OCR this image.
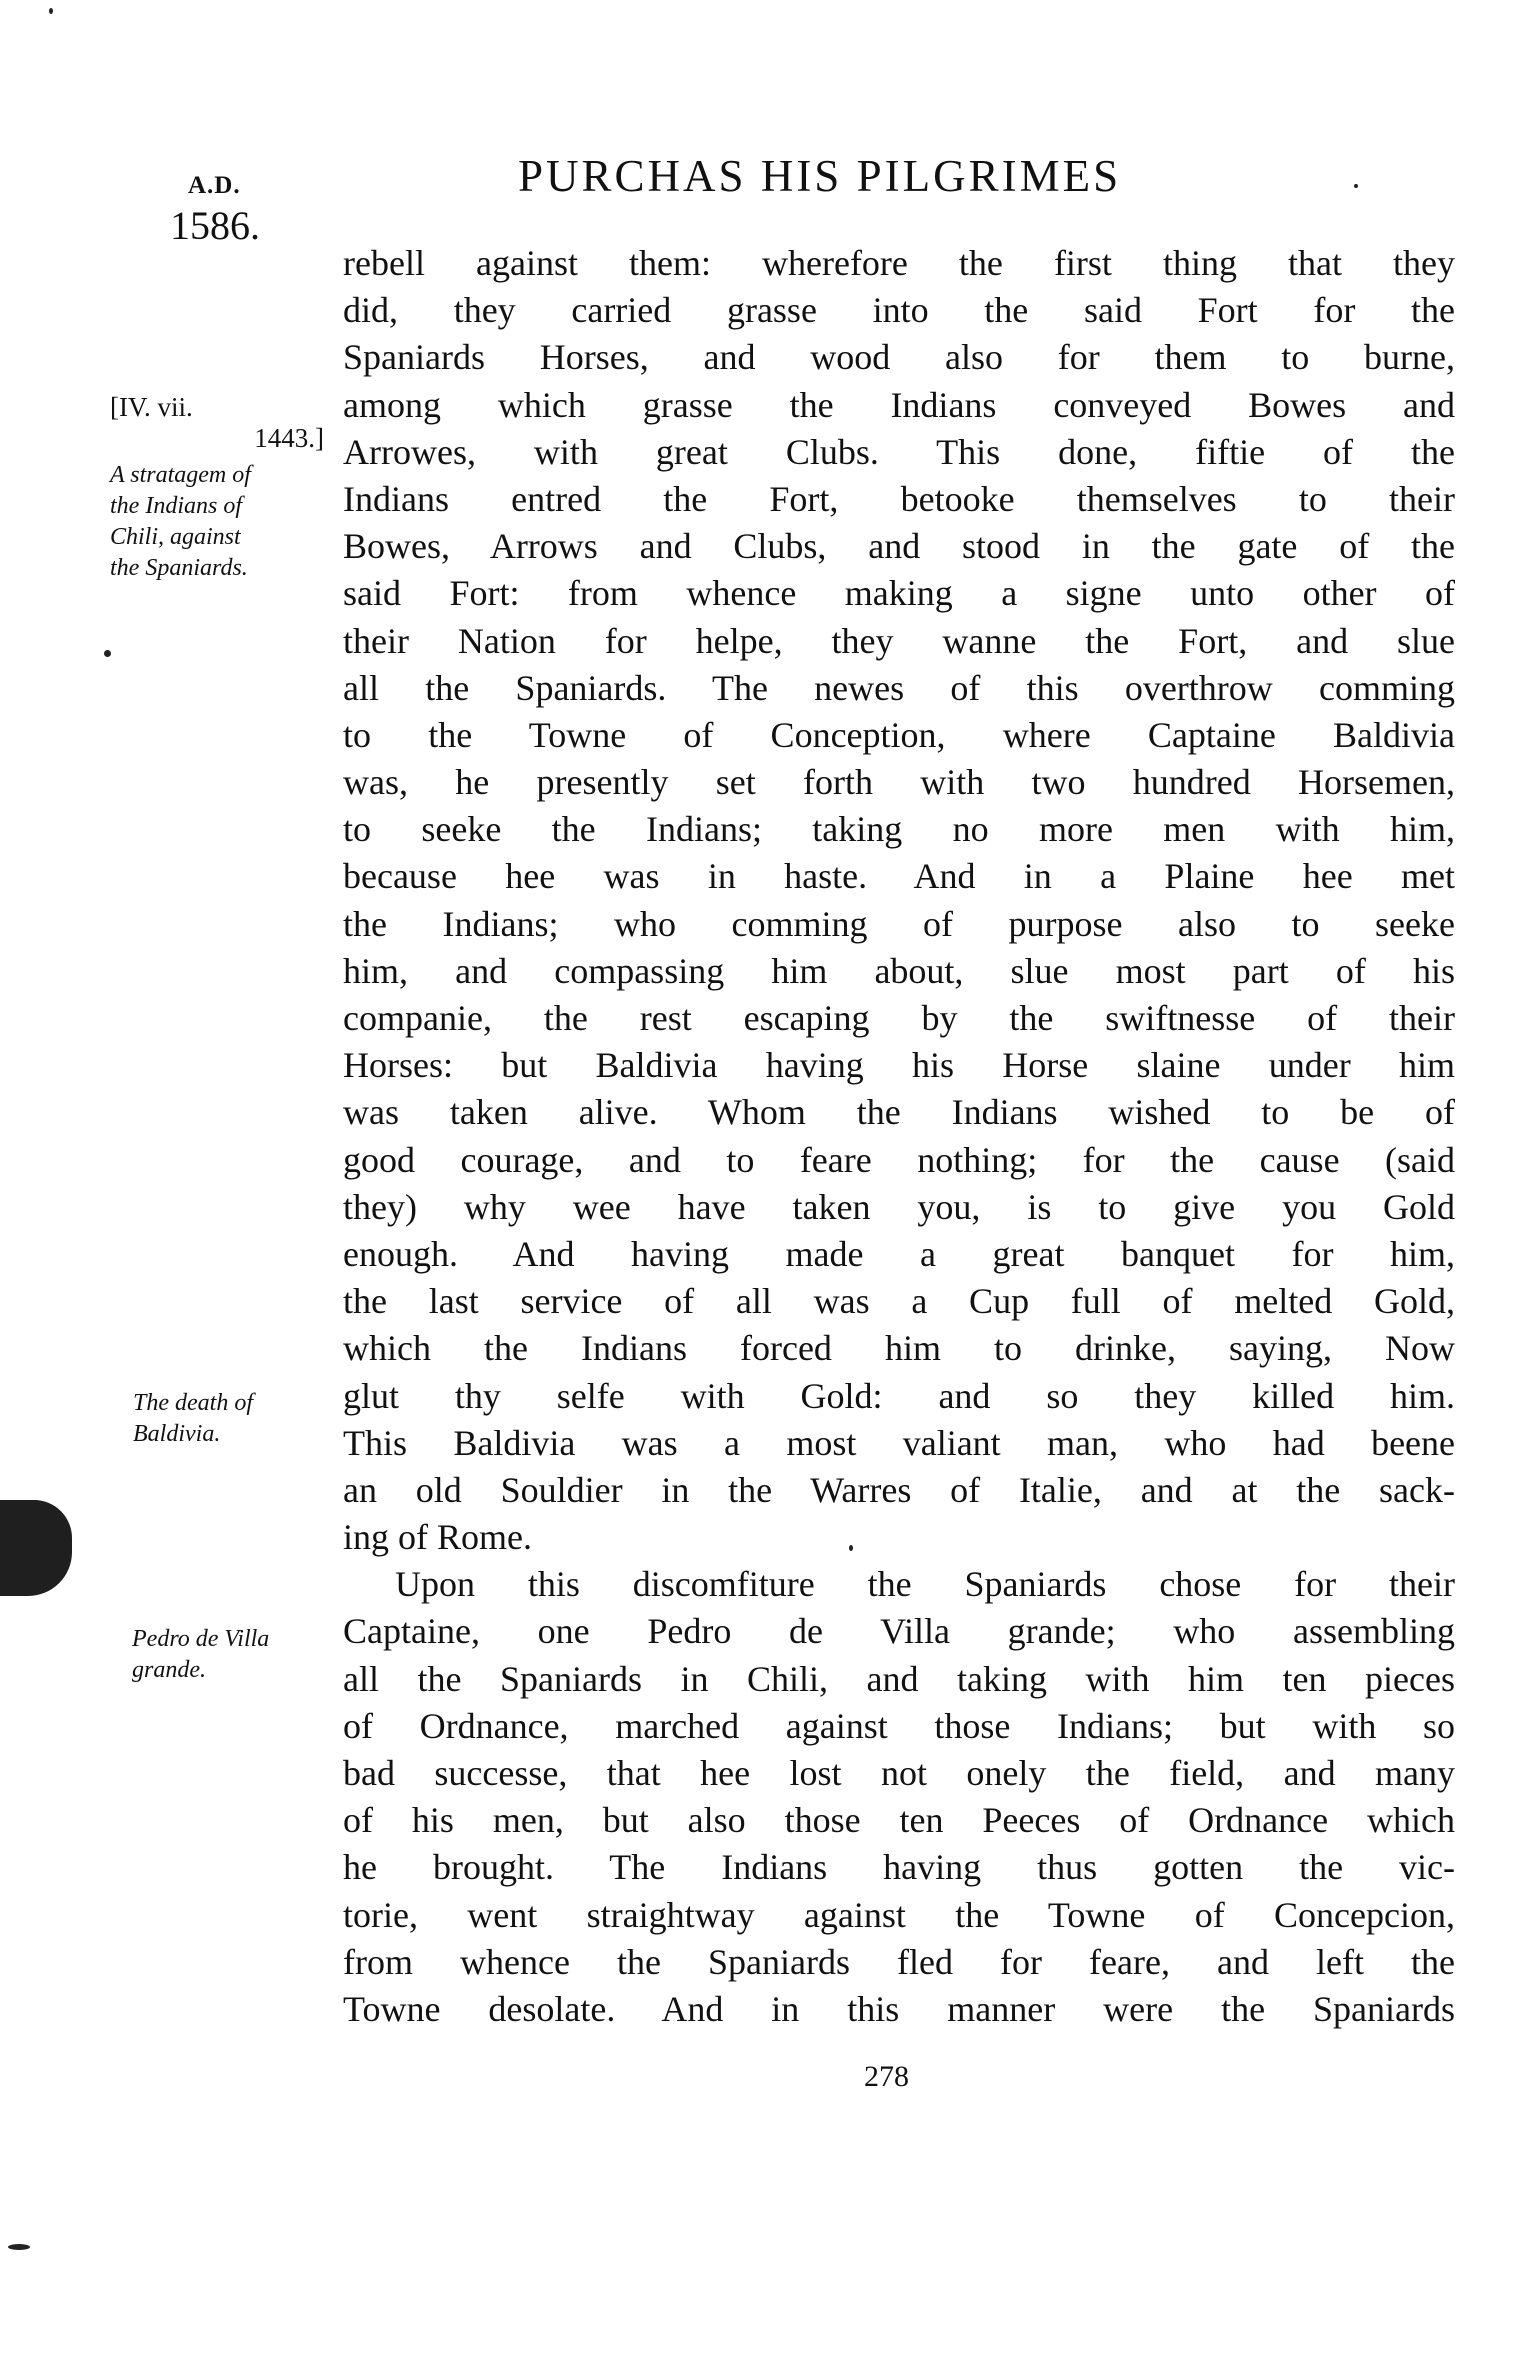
A.D.
1586.
PURCHAS HIS PILGRIMES
[IV. vii.
1443.]
A stratagem of
the Indians of
Chili, against
the Spaniards.
The death of
Baldivia.
Pedro de Villa
grande.
rebell against them: wherefore the first thing that they
did, they carried grasse into the said Fort for the
Spaniards Horses, and wood also for them to burne,
among which grasse the Indians conveyed Bowes and
Arrowes, with great Clubs. This done, fiftie of the
Indians entred the Fort, betooke themselves to their
Bowes, Arrows and Clubs, and stood in the gate of the
said Fort: from whence making a signe unto other of
their Nation for helpe, they wanne the Fort, and slue
all the Spaniards. The newes of this overthrow comming
to the Towne of Conception, where Captaine Baldivia
was, he presently set forth with two hundred Horsemen,
to seeke the Indians; taking no more men with him,
because hee was in haste. And in a Plaine hee met
the Indians; who comming of purpose also to seeke
him, and compassing him about, slue most part of his
companie, the rest escaping by the swiftnesse of their
Horses: but Baldivia having his Horse slaine under him
was taken alive. Whom the Indians wished to be of
good courage, and to feare nothing; for the cause (said
they) why wee have taken you, is to give you Gold
enough. And having made a great banquet for him,
the last service of all was a Cup full of melted Gold,
which the Indians forced him to drinke, saying, Now
glut thy selfe with Gold: and so they killed him.
This Baldivia was a most valiant man, who had beene
an old Souldier in the Warres of Italie, and at the sack-
ing of Rome.
Upon this discomfiture the Spaniards chose for their
Captaine, one Pedro de Villa grande; who assembling
all the Spaniards in Chili, and taking with him ten pieces
of Ordnance, marched against those Indians; but with so
bad successe, that hee lost not onely the field, and many
of his men, but also those ten Peeces of Ordnance which
he brought. The Indians having thus gotten the vic-
torie, went straightway against the Towne of Concepcion,
from whence the Spaniards fled for feare, and left the
Towne desolate. And in this manner were the Spaniards
278
